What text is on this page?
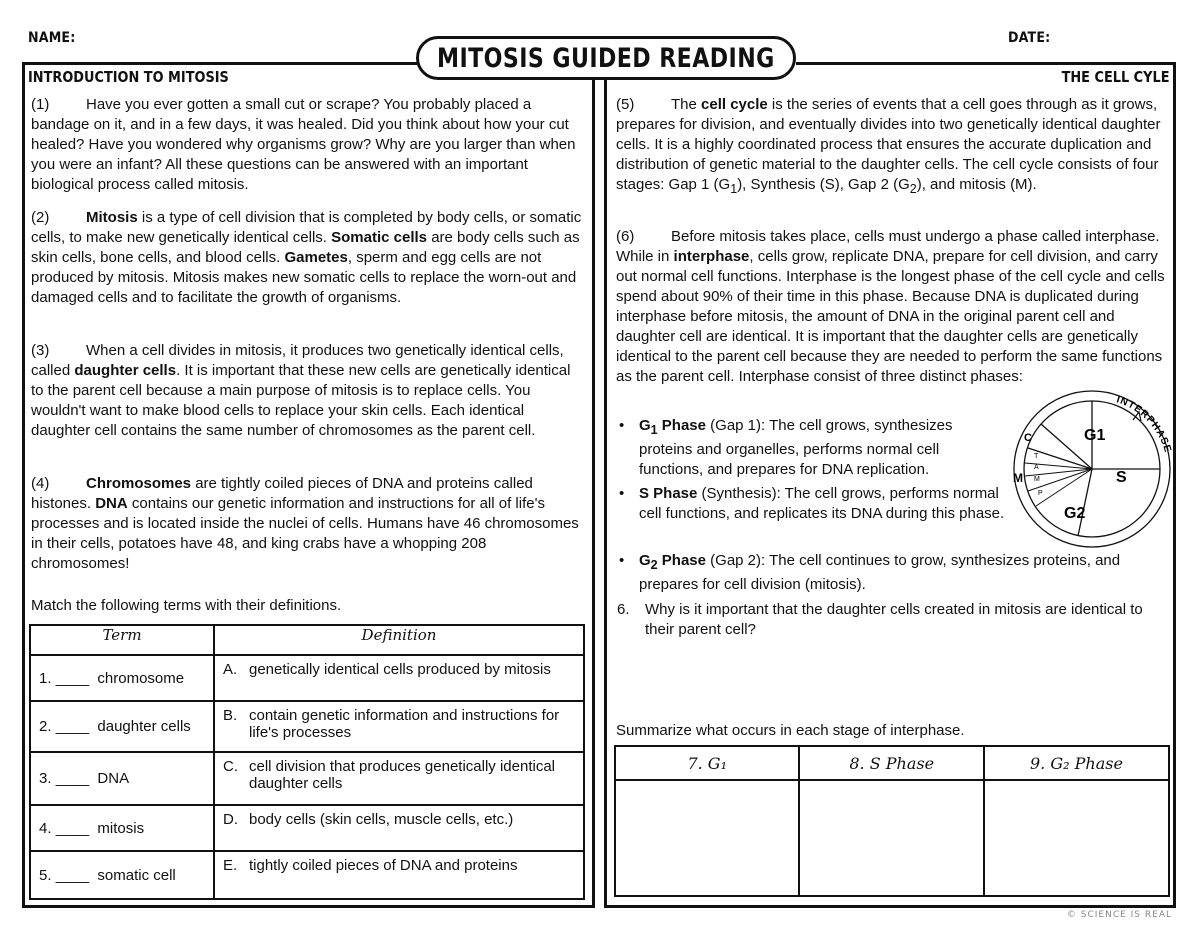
NAME:	DATE:
MITOSIS GUIDED READING
INTRODUCTION TO MITOSIS
(1) Have you ever gotten a small cut or scrape? You probably placed a bandage on it, and in a few days, it was healed. Did you think about how your cut healed? Have you wondered why organisms grow? Why are you larger than when you were an infant? All these questions can be answered with an important biological process called mitosis.
(2) Mitosis is a type of cell division that is completed by body cells, or somatic cells, to make new genetically identical cells. Somatic cells are body cells such as skin cells, bone cells, and blood cells. Gametes, sperm and egg cells are not produced by mitosis. Mitosis makes new somatic cells to replace the worn-out and damaged cells and to facilitate the growth of organisms.
(3) When a cell divides in mitosis, it produces two genetically identical cells, called daughter cells. It is important that these new cells are genetically identical to the parent cell because a main purpose of mitosis is to replace cells. You wouldn't want to make blood cells to replace your skin cells. Each identical daughter cell contains the same number of chromosomes as the parent cell.
(4) Chromosomes are tightly coiled pieces of DNA and proteins called histones. DNA contains our genetic information and instructions for all of life's processes and is located inside the nuclei of cells. Humans have 46 chromosomes in their cells, potatoes have 48, and king crabs have a whopping 208 chromosomes!
Match the following terms with their definitions.
Term	Definition
1. ____  chromosome	A. genetically identical cells produced by mitosis
2. ____  daughter cells	B. contain genetic information and instructions for life's processes
3. ____  DNA	C. cell division that produces genetically identical daughter cells
4. ____  mitosis	D. body cells (skin cells, muscle cells, etc.)
5. ____  somatic cell	E. tightly coiled pieces of DNA and proteins
THE CELL CYLE
(5) The cell cycle is the series of events that a cell goes through as it grows, prepares for division, and eventually divides into two genetically identical daughter cells. It is a highly coordinated process that ensures the accurate duplication and distribution of genetic material to the daughter cells. The cell cycle consists of four stages: Gap 1 $(G_1)$, Synthesis (S), Gap 2 $(G_2)$, and mitosis (M).
(6) Before mitosis takes place, cells must undergo a phase called interphase. While in interphase, cells grow, replicate DNA, prepare for cell division, and carry out normal cell functions. Interphase is the longest phase of the cell cycle and cells spend about 90% of their time in this phase. Because DNA is duplicated during interphase before mitosis, the amount of DNA in the original parent cell and daughter cell are identical. It is important that the daughter cells are genetically identical to the parent cell because they are needed to perform the same functions as the parent cell. Interphase consist of three distinct phases:
• $G_1$ Phase (Gap 1): The cell grows, synthesizes proteins and organelles, performs normal cell functions, and prepares for DNA replication.
• S Phase (Synthesis): The cell grows, performs normal cell functions, and replicates its DNA during this phase.
• $G_2$ Phase (Gap 2): The cell continues to grow, synthesizes proteins, and prepares for cell division (mitosis).
G1
S
G2
C
M
T
A
M
P
INTERPHASE
6. Why is it important that the daughter cells created in mitosis are identical to their parent cell?
Summarize what occurs in each stage of interphase.
7. G₁	8. S Phase	9. G₂ Phase

© SCIENCE IS REAL
